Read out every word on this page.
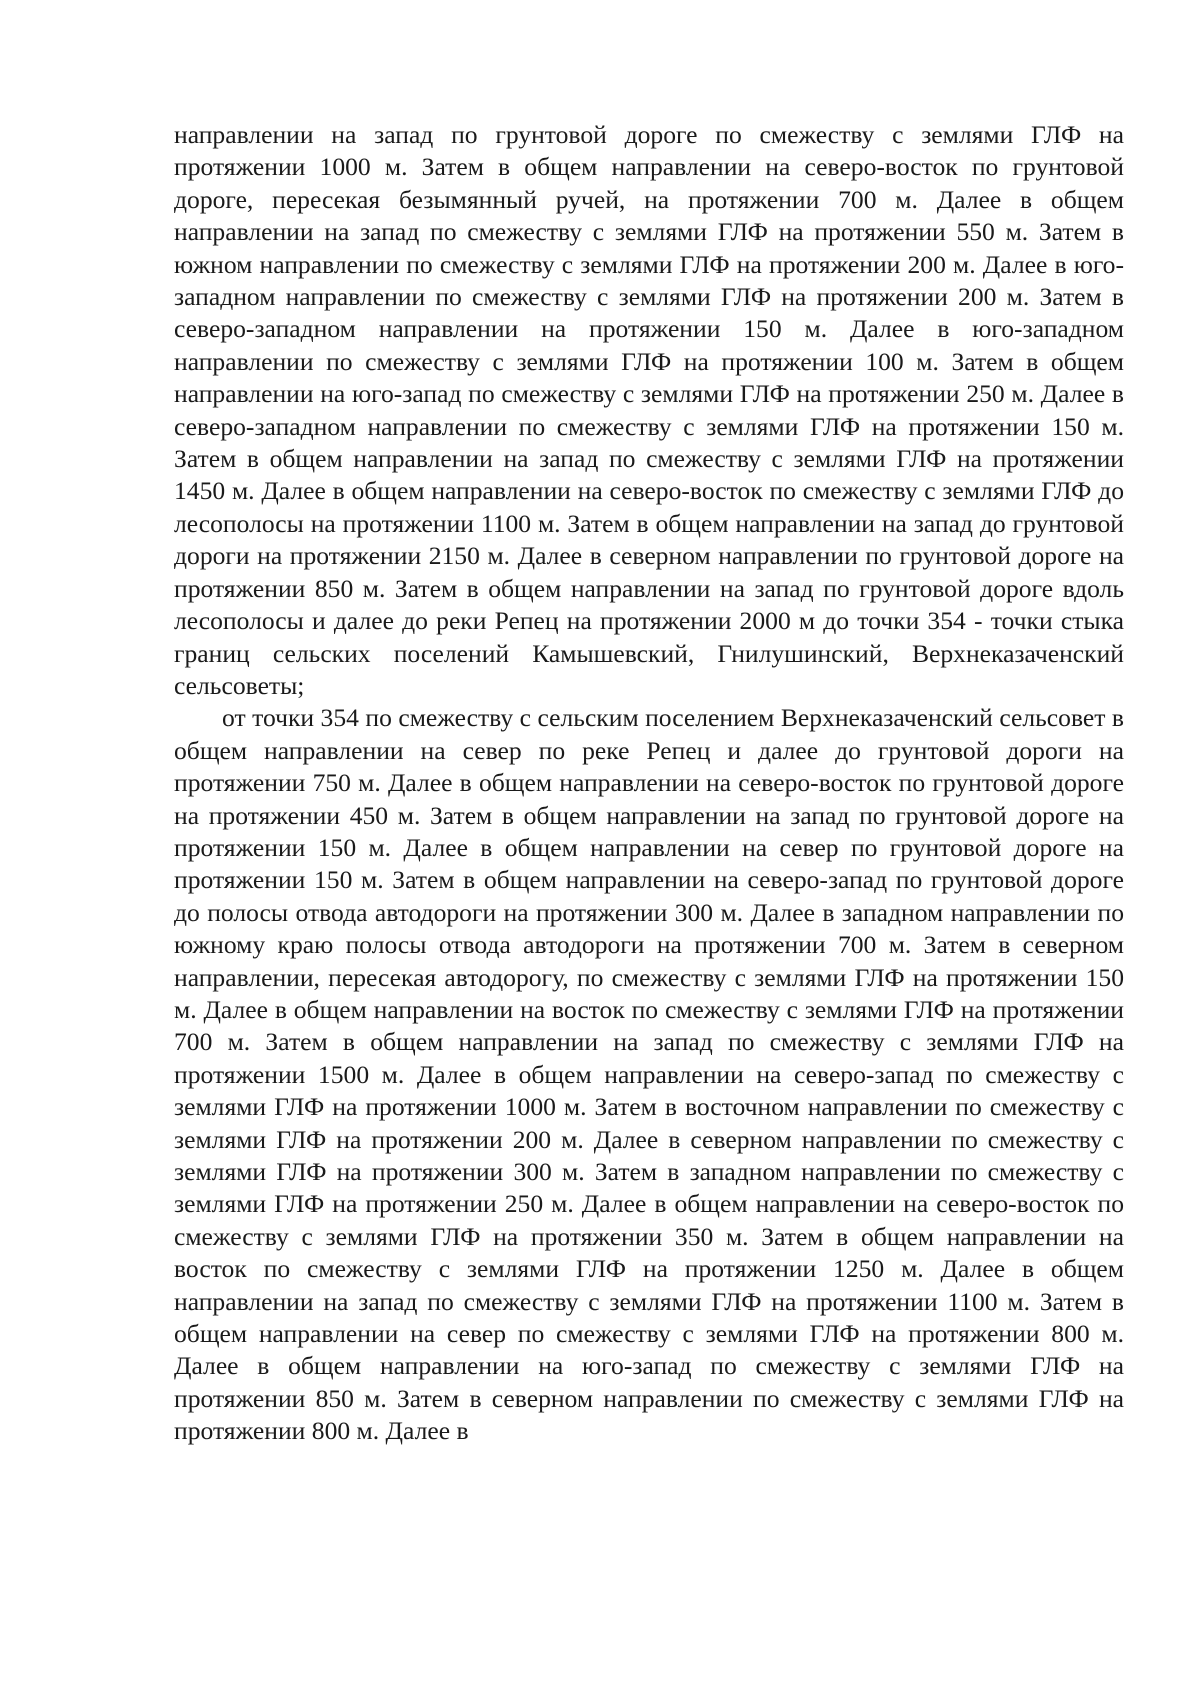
направлении на запад по грунтовой дороге по смежеству с землями ГЛФ на протяжении 1000 м. Затем в общем направлении на северо-восток по грунтовой дороге, пересекая безымянный ручей, на протяжении 700 м. Далее в общем направлении на запад по смежеству с землями ГЛФ на протяжении 550 м. Затем в южном направлении по смежеству с землями ГЛФ на протяжении 200 м. Далее в юго-западном направлении по смежеству с землями ГЛФ на протяжении 200 м. Затем в северо-западном направлении на протяжении 150 м. Далее в юго-западном направлении по смежеству с землями ГЛФ на протяжении 100 м. Затем в общем направлении на юго-запад по смежеству с землями ГЛФ на протяжении 250 м. Далее в северо-западном направлении по смежеству с землями ГЛФ на протяжении 150 м. Затем в общем направлении на запад по смежеству с землями ГЛФ на протяжении 1450 м. Далее в общем направлении на северо-восток по смежеству с землями ГЛФ до лесополосы на протяжении 1100 м. Затем в общем направлении на запад до грунтовой дороги на протяжении 2150 м. Далее в северном направлении по грунтовой дороге на протяжении 850 м. Затем в общем направлении на запад по грунтовой дороге вдоль лесополосы и далее до реки Репец на протяжении 2000 м до точки 354 - точки стыка границ сельских поселений Камышевский, Гнилушинский, Верхнеказаченский сельсоветы;

от точки 354 по смежеству с сельским поселением Верхнеказаченский сельсовет в общем направлении на север по реке Репец и далее до грунтовой дороги на протяжении 750 м. Далее в общем направлении на северо-восток по грунтовой дороге на протяжении 450 м. Затем в общем направлении на запад по грунтовой дороге на протяжении 150 м. Далее в общем направлении на север по грунтовой дороге на протяжении 150 м. Затем в общем направлении на северо-запад по грунтовой дороге до полосы отвода автодороги на протяжении 300 м. Далее в западном направлении по южному краю полосы отвода автодороги на протяжении 700 м. Затем в северном направлении, пересекая автодорогу, по смежеству с землями ГЛФ на протяжении 150 м. Далее в общем направлении на восток по смежеству с землями ГЛФ на протяжении 700 м. Затем в общем направлении на запад по смежеству с землями ГЛФ на протяжении 1500 м. Далее в общем направлении на северо-запад по смежеству с землями ГЛФ на протяжении 1000 м. Затем в восточном направлении по смежеству с землями ГЛФ на протяжении 200 м. Далее в северном направлении по смежеству с землями ГЛФ на протяжении 300 м. Затем в западном направлении по смежеству с землями ГЛФ на протяжении 250 м. Далее в общем направлении на северо-восток по смежеству с землями ГЛФ на протяжении 350 м. Затем в общем направлении на восток по смежеству с землями ГЛФ на протяжении 1250 м. Далее в общем направлении на запад по смежеству с землями ГЛФ на протяжении 1100 м. Затем в общем направлении на север по смежеству с землями ГЛФ на протяжении 800 м. Далее в общем направлении на юго-запад по смежеству с землями ГЛФ на протяжении 850 м. Затем в северном направлении по смежеству с землями ГЛФ на протяжении 800 м. Далее в
